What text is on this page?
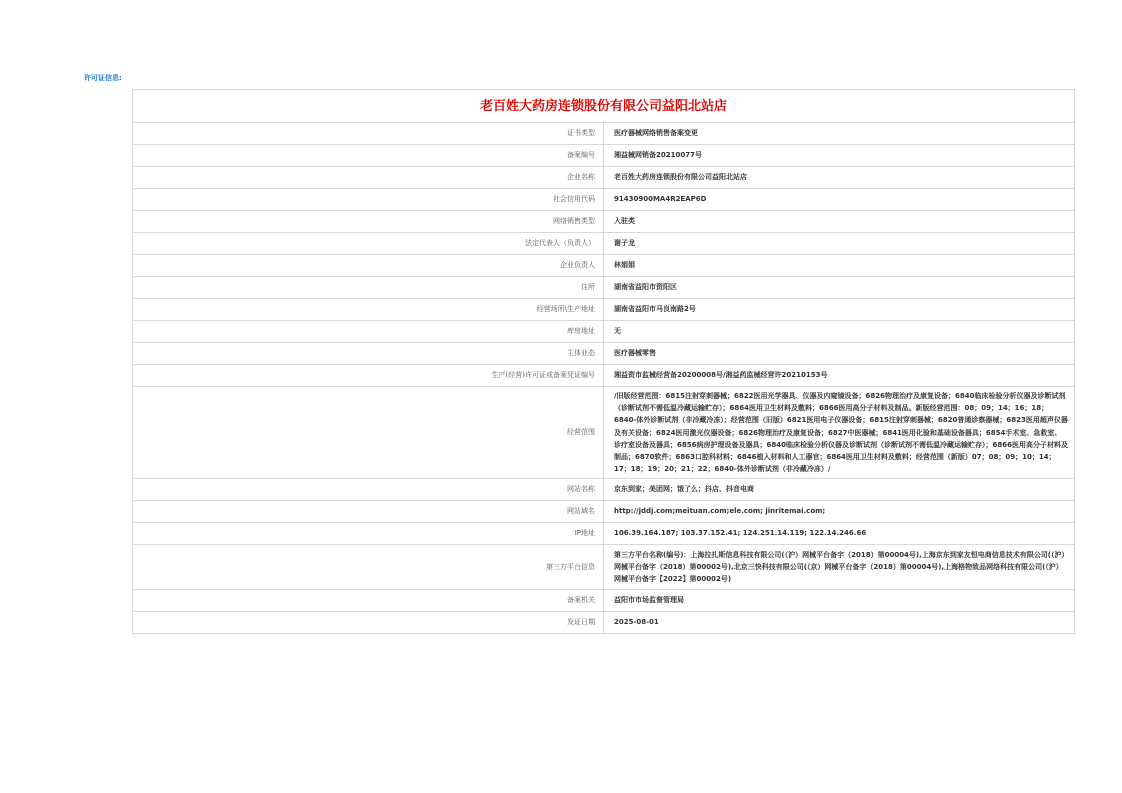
许可证信息:
老百姓大药房连锁股份有限公司益阳北站店	
证书类型	医疗器械网络销售备案变更
备案编号	湘益械网销备20210077号
企业名称	老百姓大药房连锁股份有限公司益阳北站店
社会信用代码	91430900MA4R2EAP6D
网络销售类型	入驻类
法定代表人（负责人）	谢子龙
企业负责人	林娟娟
住所	湖南省益阳市资阳区
经营场所\生产地址	湖南省益阳市马良南路2号
库房地址	无
主体业态	医疗器械零售
生产(经营)许可证或备案凭证编号	湘益资市监械经营备20200008号/湘益药监械经营许20210153号
经营范围	/旧版经营范围：6815注射穿刺器械；6822医用光学器具、仪器及内窥镜设备；6826物理治疗及康复设备；6840临床检验分析仪器及诊断试剂（诊断试剂不需低温冷藏运输贮存）；6864医用卫生材料及敷料；6866医用高分子材料及制品。新版经营范围：08；09；14；16；18；6840-体外诊断试剂（非冷藏冷冻）；经营范围（旧版）6821医用电子仪器设备；6815注射穿刺器械；6820普通诊察器械；6823医用超声仪器及有关设备；6824医用激光仪器设备；6826物理治疗及康复设备；6827中医器械；6841医用化验和基础设备器具；6854手术室、急救室、诊疗室设备及器具；6856病房护理设备及器具；6840临床检验分析仪器及诊断试剂（诊断试剂不需低温冷藏运输贮存）；6866医用高分子材料及制品；6870软件；6863口腔科材料；6846植入材料和人工器官；6864医用卫生材料及敷料；经营范围（新版）07；08；09；10；14；17；18；19；20；21；22；6840-体外诊断试剂（非冷藏冷冻）/
网站名称	京东到家；美团网；饿了么；抖店、抖音电商
网站域名	http://jddj.com;meituan.com;ele.com; jinritemai.com;
IP地址	106.39.164.187; 103.37.152.41; 124.251.14.119; 122.14.246.66
第三方平台信息	第三方平台名称(编号)：上海拉扎斯信息科技有限公司(（沪）网械平台备字（2018）第00004号),上海京东到家友恒电商信息技术有限公司(（沪）网械平台备字（2018）第00002号),北京三快科技有限公司(（京）网械平台备字（2018）第00004号),上海格物致品网络科技有限公司(（沪）网械平台备字【2022】第00002号)
备案机关	益阳市市场监督管理局
发证日期	2025-08-01
